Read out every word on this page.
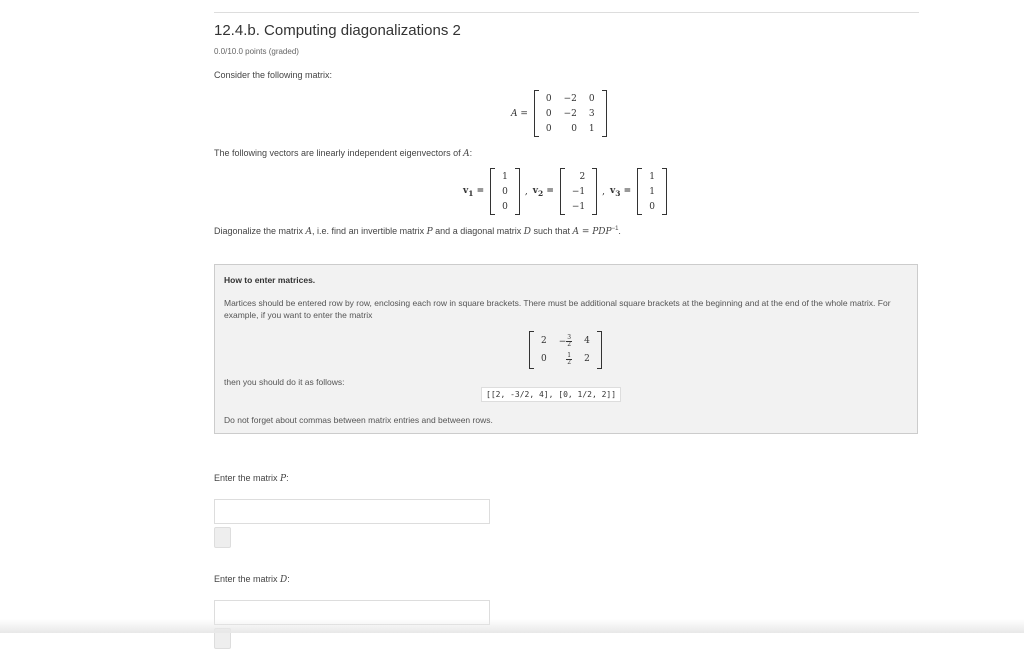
12.4.b. Computing diagonalizations 2
0.0/10.0 points (graded)
Consider the following matrix:
A =
0	−2	0
0	−2	3
0	0	1
The following vectors are linearly independent eigenvectors of A:
$v_1$ =
1
0
0
, $v_2$ =
2
−1
−1
, $v_3$ =
1
1
0
Diagonalize the matrix A, i.e. find an invertible matrix P and a diagonal matrix D such that $A = PDP^{-1}$.
How to enter matrices.
Martices should be entered row by row, enclosing each row in square brackets. There must be additional square brackets at the beginning and at the end of the whole matrix. For example, if you want to enter the matrix
2	− $\frac{3}{2}$	4
0	$\frac{1}{2}$	2
then you should do it as follows:
[[2, -3/2, 4], [0, 1/2, 2]]
Do not forget about commas between matrix entries and between rows.
Enter the matrix P:
Enter the matrix D:
